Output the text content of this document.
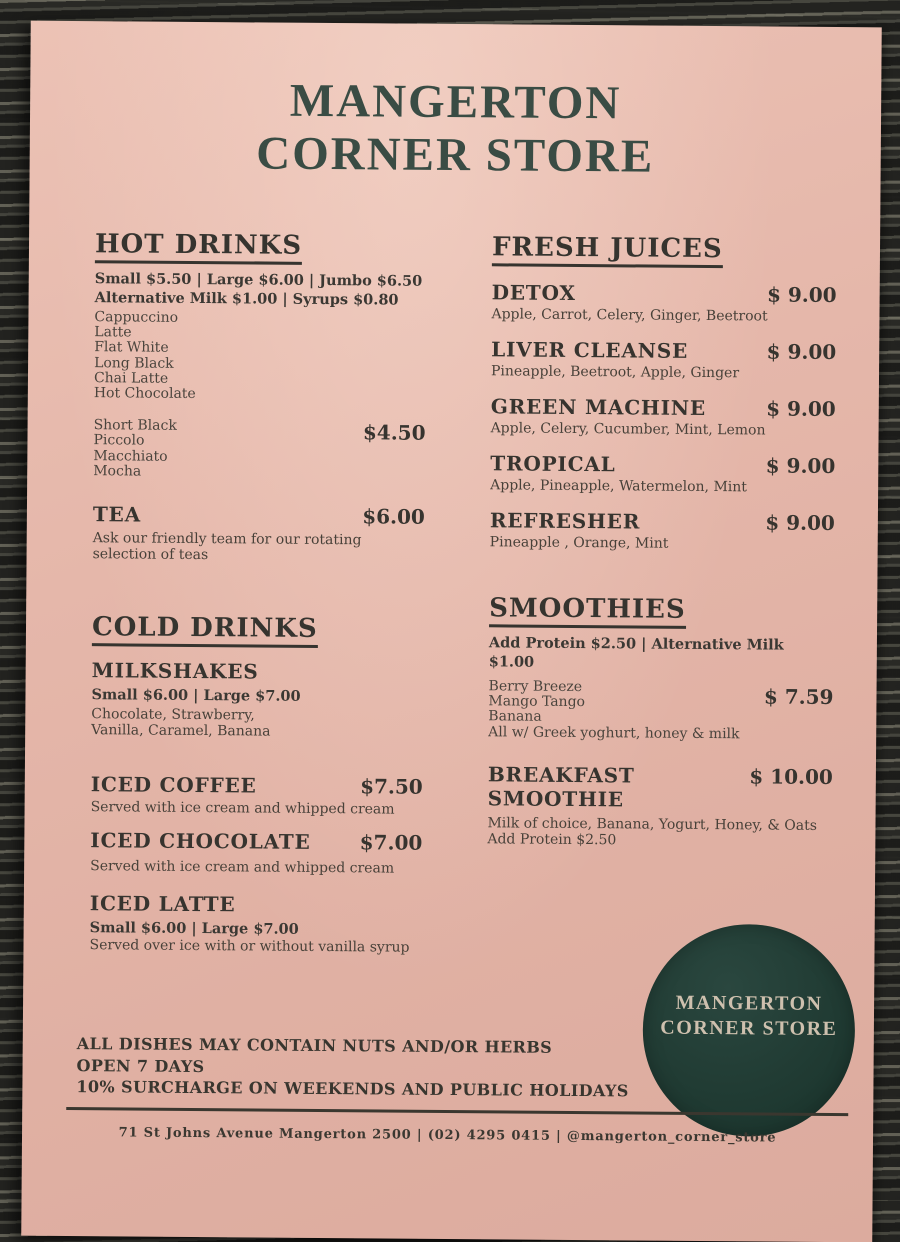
MANGERTON
CORNER STORE
HOT DRINKS
Small $5.50 | Large $6.00 | Jumbo $6.50
Alternative Milk $1.00 | Syrups $0.80
Cappuccino
Latte
Flat White
Long Black
Chai Latte
Hot Chocolate
Short Black
Piccolo
Macchiato
Mocha
$4.50
TEA	$6.00
Ask our friendly team for our rotating selection of teas
COLD DRINKS
MILKSHAKES
Small $6.00 | Large $7.00
Chocolate, Strawberry,
Vanilla, Caramel, Banana
ICED COFFEE	$7.50
Served with ice cream and whipped cream
ICED CHOCOLATE $7.00
Served with ice cream and whipped cream
ICED LATTE
Small $6.00 | Large $7.00
Served over ice with or without vanilla syrup
FRESH JUICES
DETOX	$ 9.00
Apple, Carrot, Celery, Ginger, Beetroot
LIVER CLEANSE	$ 9.00
Pineapple, Beetroot, Apple, Ginger
GREEN MACHINE	$ 9.00
Apple, Celery, Cucumber, Mint, Lemon
TROPICAL	$ 9.00
Apple, Pineapple, Watermelon, Mint
REFRESHER	$ 9.00
Pineapple , Orange, Mint
SMOOTHIES
Add Protein $2.50 | Alternative Milk $1.00
Berry Breeze
Mango Tango
Banana
All w/ Greek yoghurt, honey & milk
$ 7.59
BREAKFAST SMOOTHIE
$ 10.00
Milk of choice, Banana, Yogurt, Honey, & Oats
Add Protein $2.50
MANGERTON
CORNER STORE
ALL DISHES MAY CONTAIN NUTS AND/OR HERBS
OPEN 7 DAYS
10% SURCHARGE ON WEEKENDS AND PUBLIC HOLIDAYS
71 St Johns Avenue Mangerton 2500 | (02) 4295 0415 | @mangerton_corner_store
